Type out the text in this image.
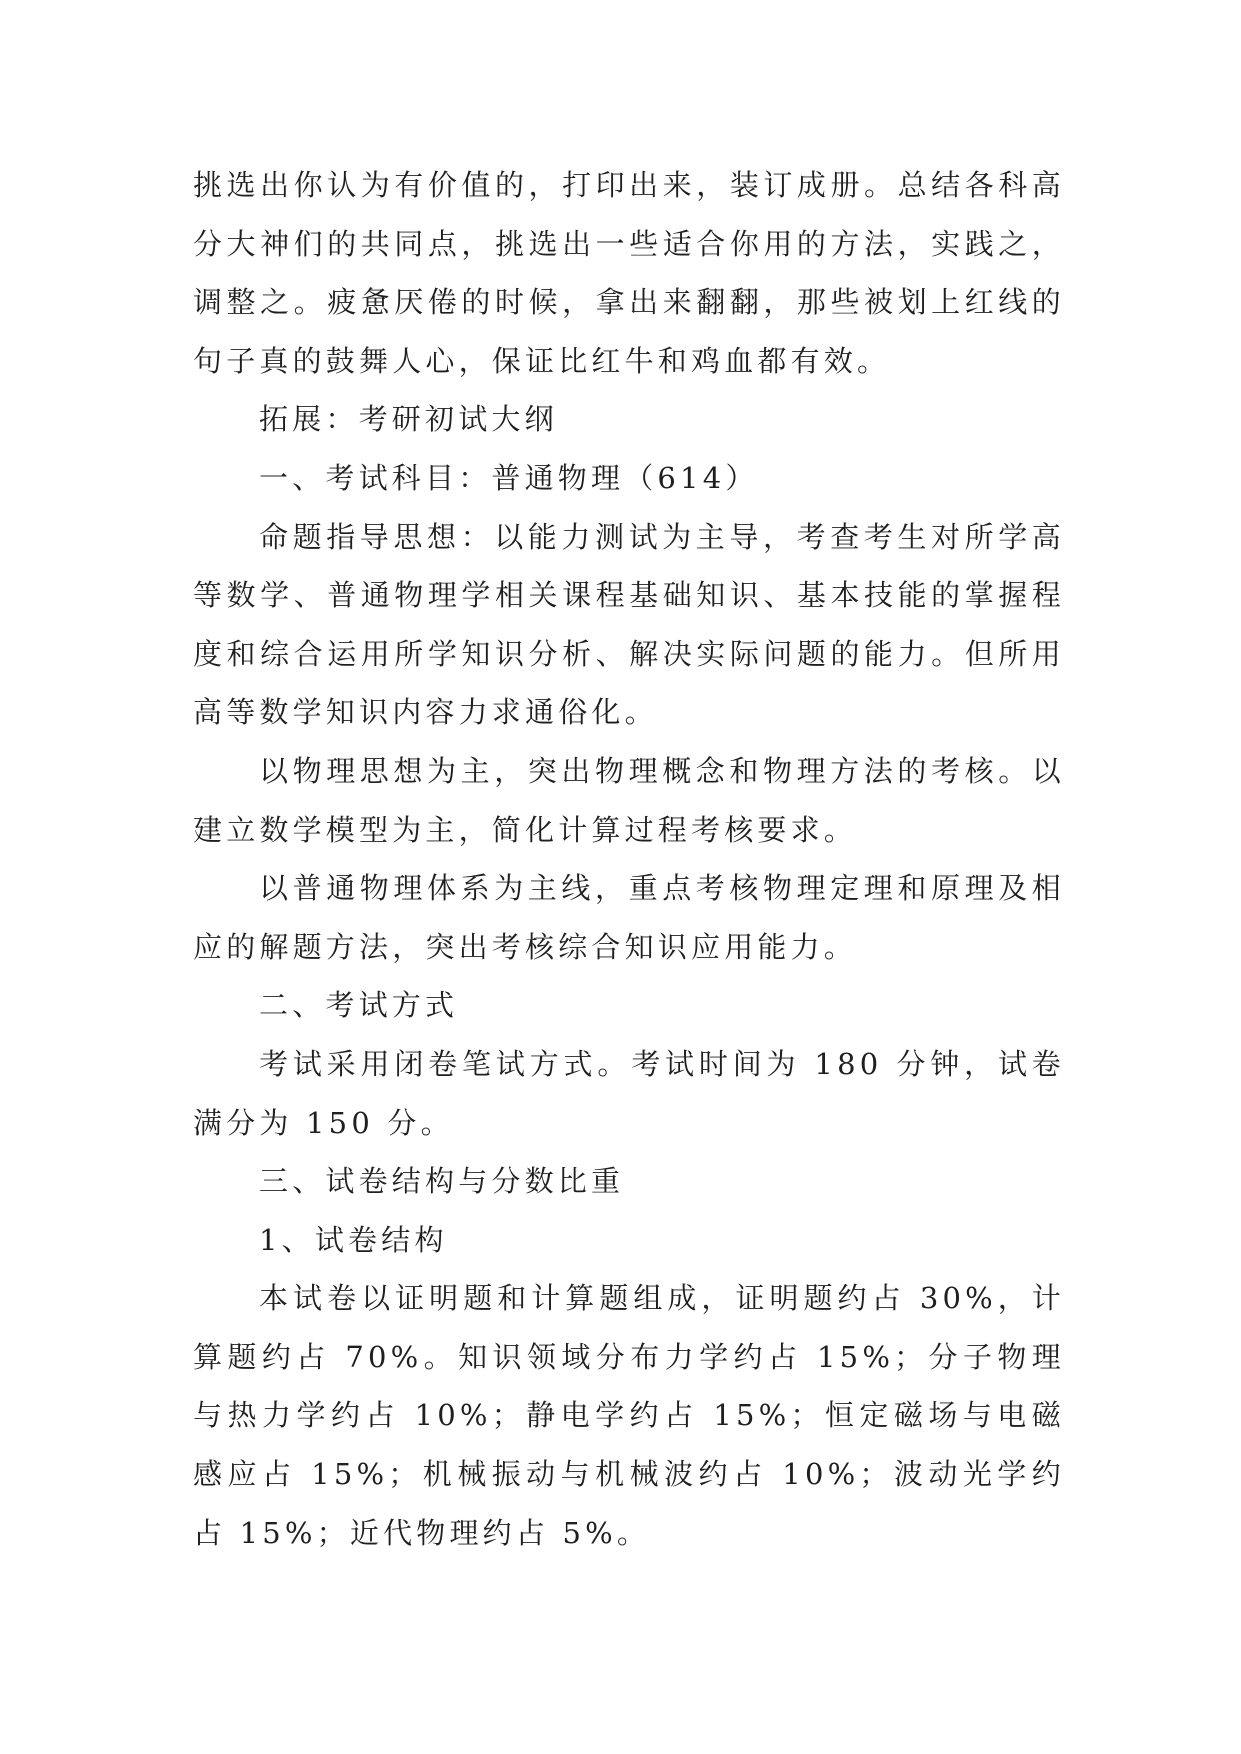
挑选出你认为有价值的，打印出来，装订成册。总结各科高分大神们的共同点，挑选出一些适合你用的方法，实践之，调整之。疲惫厌倦的时候，拿出来翻翻，那些被划上红线的句子真的鼓舞人心，保证比红牛和鸡血都有效。

拓展：考研初试大纲

一、考试科目：普通物理（614）

命题指导思想：以能力测试为主导，考查考生对所学高等数学、普通物理学相关课程基础知识、基本技能的掌握程度和综合运用所学知识分析、解决实际问题的能力。但所用高等数学知识内容力求通俗化。

以物理思想为主，突出物理概念和物理方法的考核。以建立数学模型为主，简化计算过程考核要求。

以普通物理体系为主线，重点考核物理定理和原理及相应的解题方法，突出考核综合知识应用能力。

二、考试方式

考试采用闭卷笔试方式。考试时间为 180 分钟，试卷满分为 150 分。

三、试卷结构与分数比重

1、试卷结构

本试卷以证明题和计算题组成，证明题约占 30%，计算题约占 70%。知识领域分布力学约占 15%；分子物理与热力学约占 10%；静电学约占 15%；恒定磁场与电磁感应占 15%；机械振动与机械波约占 10%；波动光学约占 15%；近代物理约占 5%。
